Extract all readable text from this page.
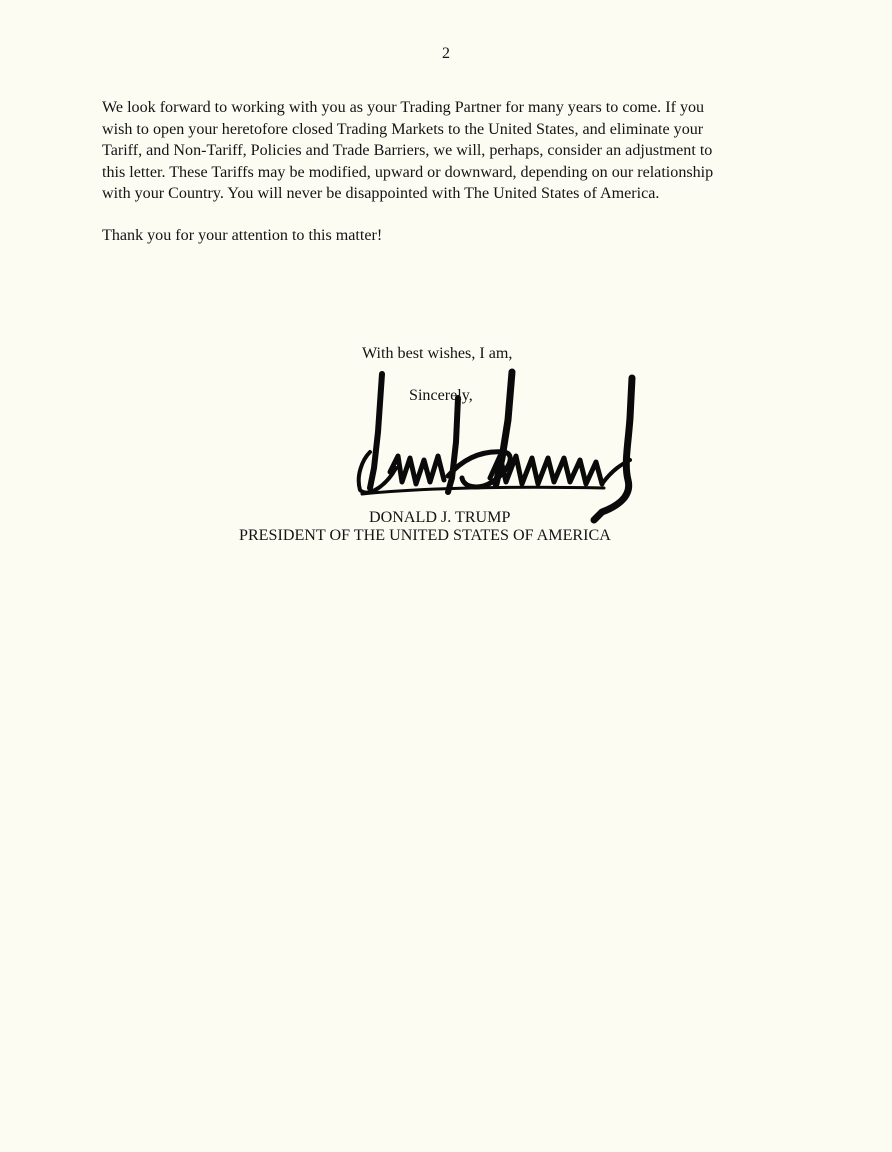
2

We look forward to working with you as your Trading Partner for many years to come. If you
wish to open your heretofore closed Trading Markets to the United States, and eliminate your
Tariff, and Non-Tariff, Policies and Trade Barriers, we will, perhaps, consider an adjustment to
this letter. These Tariffs may be modified, upward or downward, depending on our relationship
with your Country. You will never be disappointed with The United States of America.

Thank you for your attention to this matter!

With best wishes, I am,
Sincerely,
DONALD J. TRUMP
PRESIDENT OF THE UNITED STATES OF AMERICA
